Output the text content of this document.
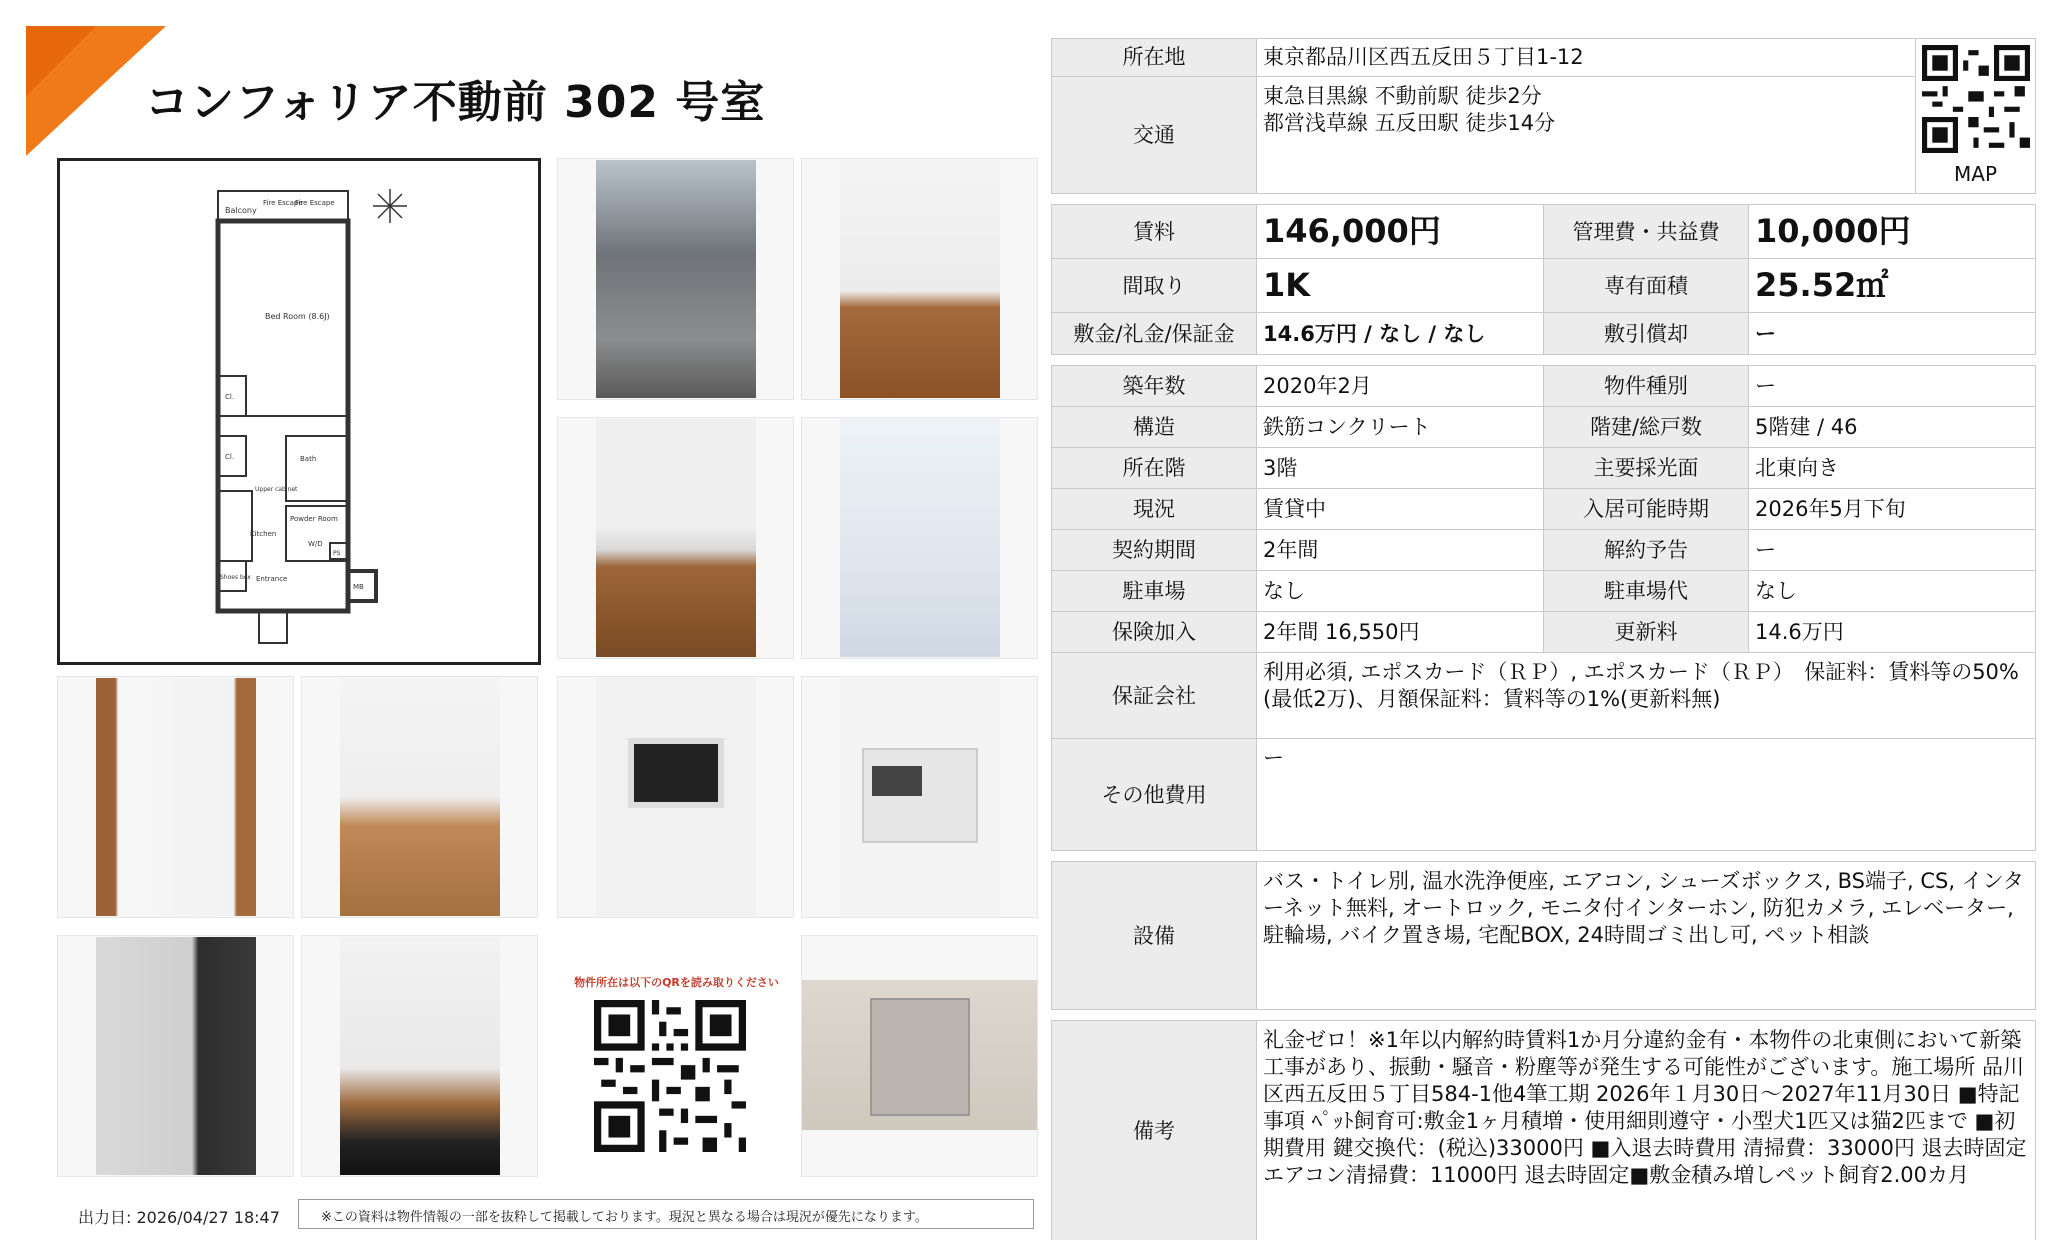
コンフォリア不動前 302 号室
Balcony
Fire Escape
Fire Escape
Bed Room (8.6J)
Cl.
Cl.	Bath
Upper cabinet
Powder Room
Kitchen
W/D
PS
Shoes box Entrance
MB
物件所在は以下のQRを読み取りください
出力日: 2026/04/27 18:47	※この資料は物件情報の一部を抜粋して掲載しております。現況と異なる場合は現況が優先になります。
所在地	東京都品川区西五反田５丁目1-12	MAP

交通	東急目黒線 不動前駅 徒歩2分
都営浅草線 五反田駅 徒歩14分	
賃料	146,000円	管理費・共益費	10,000円
間取り	1K	専有面積	25.52㎡
敷金/礼金/保証金	14.6万円 / なし / なし	敷引償却	ー
築年数	2020年2月	物件種別	ー
構造	鉄筋コンクリート	階建/総戸数	5階建 / 46
所在階	3階	主要採光面	北東向き
現況	賃貸中	入居可能時期	2026年5月下旬
契約期間	2年間	解約予告	ー
駐車場	なし	駐車場代	なし
保険加入	2年間 16,550円	更新料	14.6万円
保証会社	利用必須, エポスカード（ＲＰ）, エポスカード（ＲＰ）　保証料：賃料等の50%(最低2万)、月額保証料：賃料等の1%(更新料無)		
その他費用	ー		
設備	バス・トイレ別, 温水洗浄便座, エアコン, シューズボックス, BS端子, CS, インターネット無料, オートロック, モニタ付インターホン, 防犯カメラ, エレベーター, 駐輪場, バイク置き場, 宅配BOX, 24時間ゴミ出し可, ペット相談
備考	礼金ゼロ！※1年以内解約時賃料1か月分違約金有・本物件の北東側において新築工事があり、振動・騒音・粉塵等が発生する可能性がございます。施工場所 品川区西五反田５丁目584-1他4筆工期 2026年１月30日〜2027年11月30日 ■特記事項 ﾍﾟｯﾄ飼育可:敷金1ヶ月積増・使用細則遵守・小型犬1匹又は猫2匹まで ■初期費用 鍵交換代：(税込)33000円 ■入退去時費用 清掃費：33000円 退去時固定 エアコン清掃費：11000円 退去時固定■敷金積み増しペット飼育2.00カ月
